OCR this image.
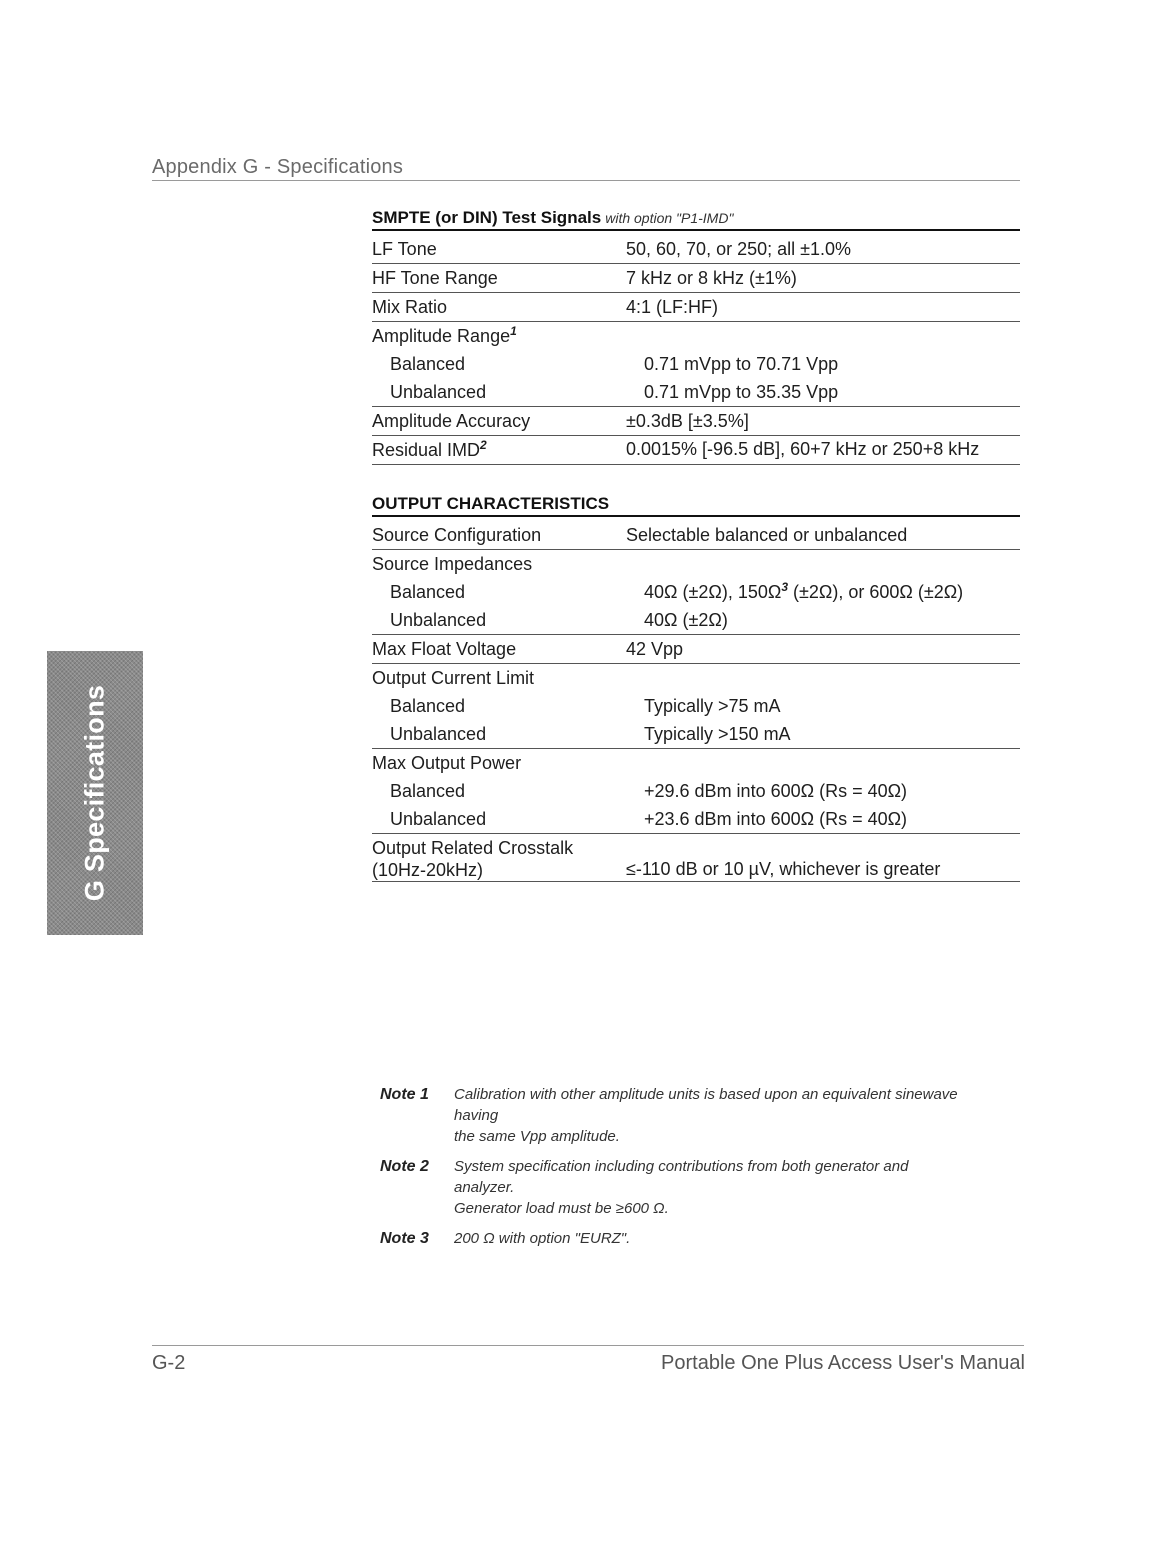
Appendix G - Specifications
G Specifications
SMPTE (or DIN) Test Signals with option "P1-IMD"
LF Tone	50, 60, 70, or 250; all ±1.0%
HF Tone Range	7 kHz or 8 kHz (±1%)
Mix Ratio	4:1 (LF:HF)
Amplitude Range$^1$
Balanced	0.71 mVpp to 70.71 Vpp
Unbalanced	0.71 mVpp to 35.35 Vpp
Amplitude Accuracy	±0.3dB [±3.5%]
Residual IMD$^2$	0.0015% [-96.5 dB], 60+7 kHz or 250+8 kHz
OUTPUT CHARACTERISTICS
Source Configuration	Selectable balanced or unbalanced
Source Impedances
Balanced	40Ω (±2Ω), $150\Omega^3$ (±2Ω), or 600Ω (±2Ω)
Unbalanced	40Ω (±2Ω)
Max Float Voltage	42 Vpp
Output Current Limit
Balanced	Typically >75 mA
Unbalanced	Typically >150 mA
Max Output Power
Balanced	+29.6 dBm into 600Ω (Rs = 40Ω)
Unbalanced	+23.6 dBm into 600Ω (Rs = 40Ω)
Output Related Crosstalk
(10Hz-20kHz)	≤-110 dB or 10 µV, whichever is greater
Note 1	Calibration with other amplitude units is based upon an equivalent sinewave
having
the same Vpp amplitude.
Note 2	System specification including contributions from both generator and
analyzer.
Generator load must be ≥600 Ω.
Note 3	200 Ω with option "EURZ".
G-2	Portable One Plus Access User's Manual
